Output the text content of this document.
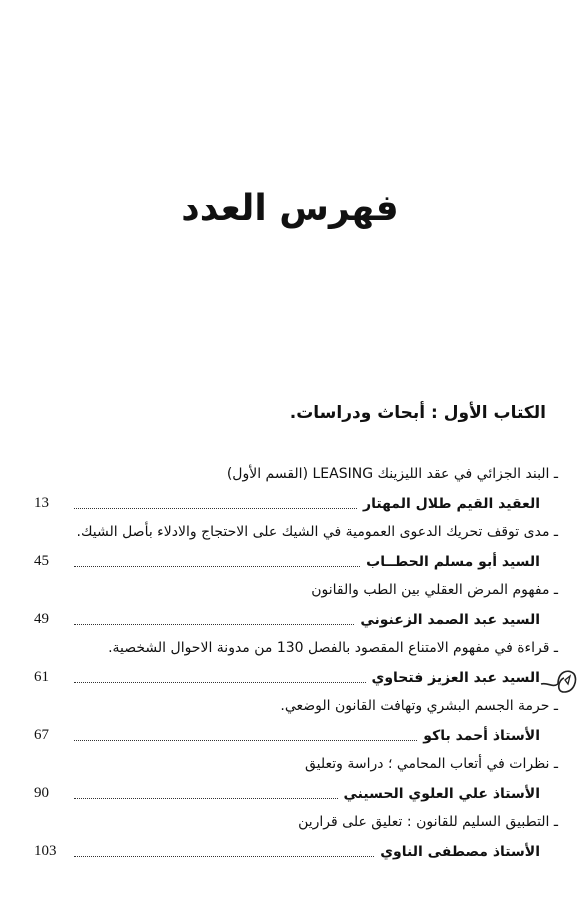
فهرس العدد
الكتاب الأول : أبحاث ودراسات.
ـ البند الجزائي في عقد الليزينك LEASING (القسم الأول)
العقيد القيم طلال المهتار
13
ـ مدى توقف تحريك الدعوى العمومية في الشيك على الاحتجاج والادلاء بأصل الشيك.
السيد أبو مسلم الحطــاب
45
ـ مفهوم المرض العقلي بين الطب والقانون
السيد عبد الصمد الزعنوني
49
ـ قراءة في مفهوم الامتناع المقصود بالفصل 130 من مدونة الاحوال الشخصية.
السيد عبد العزيز فتحاوي
61
ـ حرمة الجسم البشري وتهافت القانون الوضعي.
الأستاذ أحمد باكو
67
ـ نظرات في أتعاب المحامي ؛ دراسة وتعليق
الأستاذ علي العلوي الحسيني
90
ـ التطبيق السليم للقانون : تعليق على قرارين
الأستاذ مصطفى الناوي
103
